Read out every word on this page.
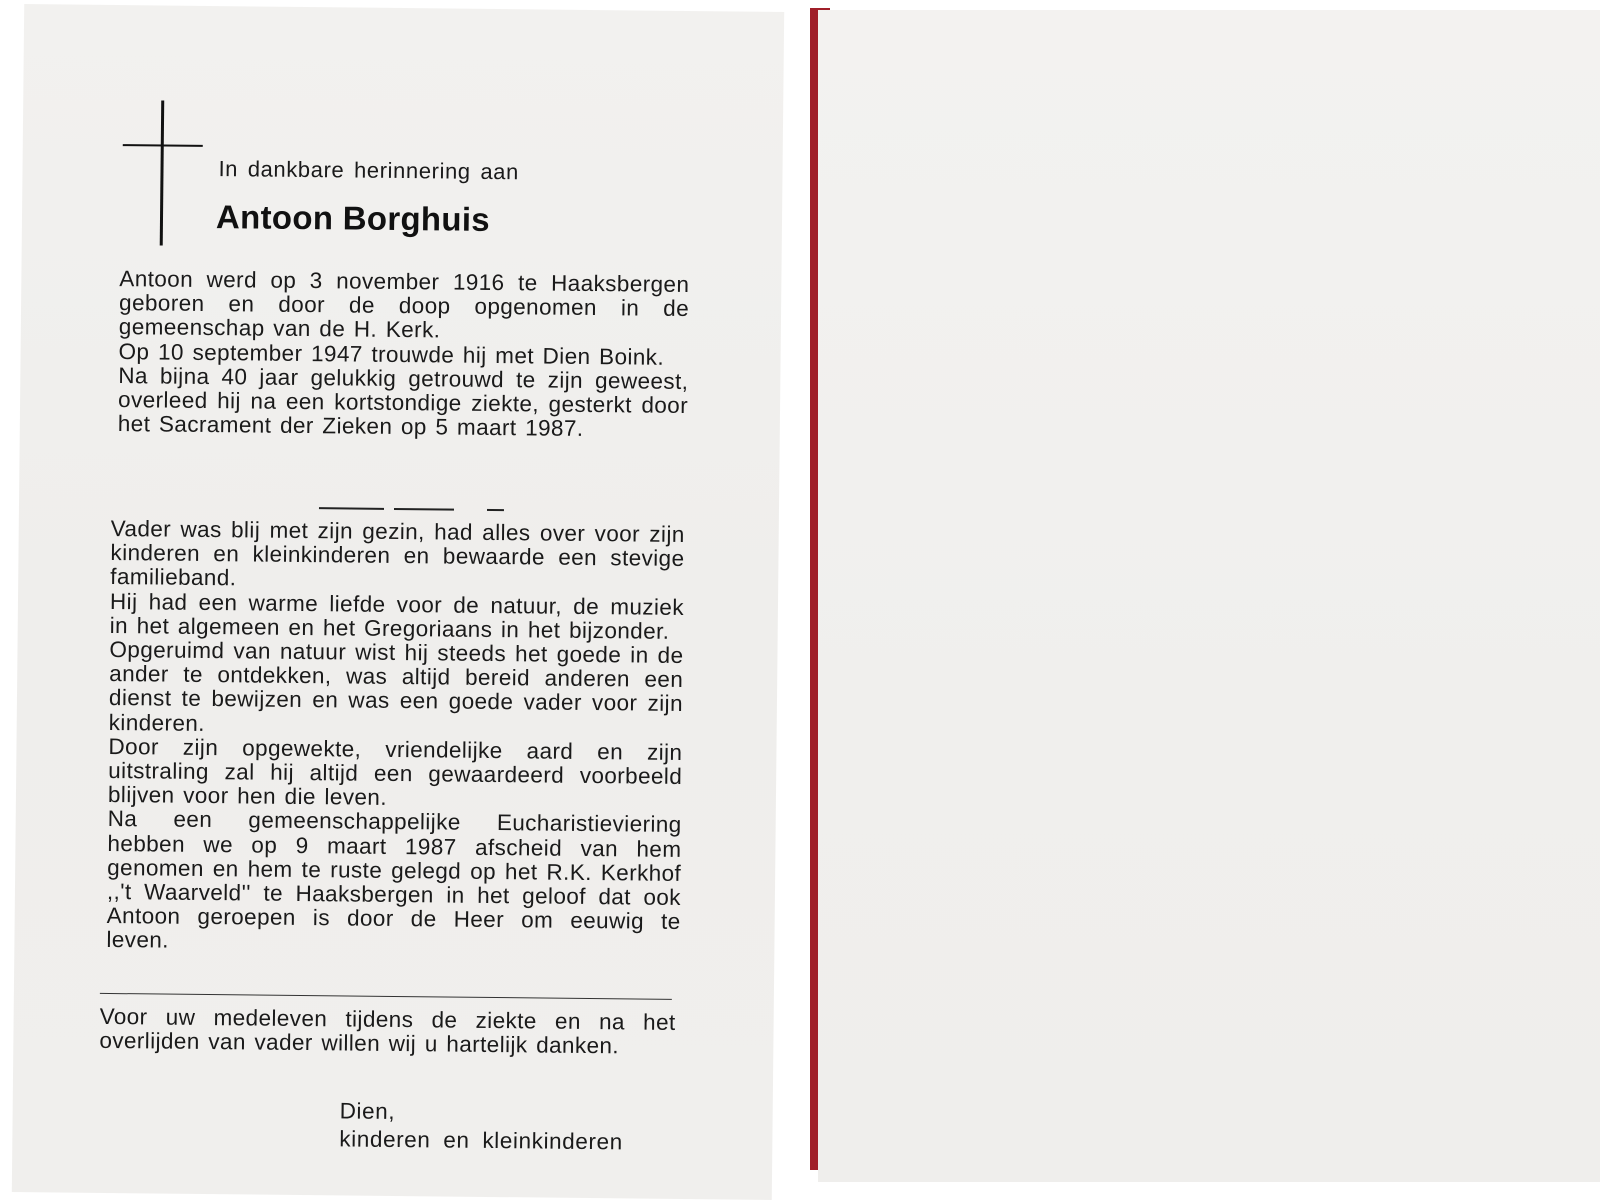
In dankbare herinnering aan
Antoon Borghuis

Antoon werd op 3 november 1916 te Haaksbergen geboren en door de doop opgenomen in de gemeenschap van de H. Kerk.

Op 10 september 1947 trouwde hij met Dien Boink.

Na bijna 40 jaar gelukkig getrouwd te zijn geweest, overleed hij na een kortstondige ziekte, gesterkt door het Sacrament der Zieken op 5 maart 1987.

Vader was blij met zijn gezin, had alles over voor zijn kinderen en kleinkinderen en bewaarde een stevige familieband.

Hij had een warme liefde voor de natuur, de muziek in het algemeen en het Gregoriaans in het bijzonder.

Opgeruimd van natuur wist hij steeds het goede in de ander te ontdekken, was altijd bereid anderen een dienst te bewijzen en was een goede vader voor zijn kinderen.

Door zijn opgewekte, vriendelijke aard en zijn uitstraling zal hij altijd een gewaardeerd voorbeeld blijven voor hen die leven.

Na een gemeenschappelijke Eucharistieviering hebben we op 9 maart 1987 afscheid van hem genomen en hem te ruste gelegd op het R.K. Kerkhof ,,'t Waarveld'' te Haaksbergen in het geloof dat ook Antoon geroepen is door de Heer om eeuwig te leven.

Voor uw medeleven tijdens de ziekte en na het overlijden van vader willen wij u hartelijk danken.

Dien,
kinderen en kleinkinderen
